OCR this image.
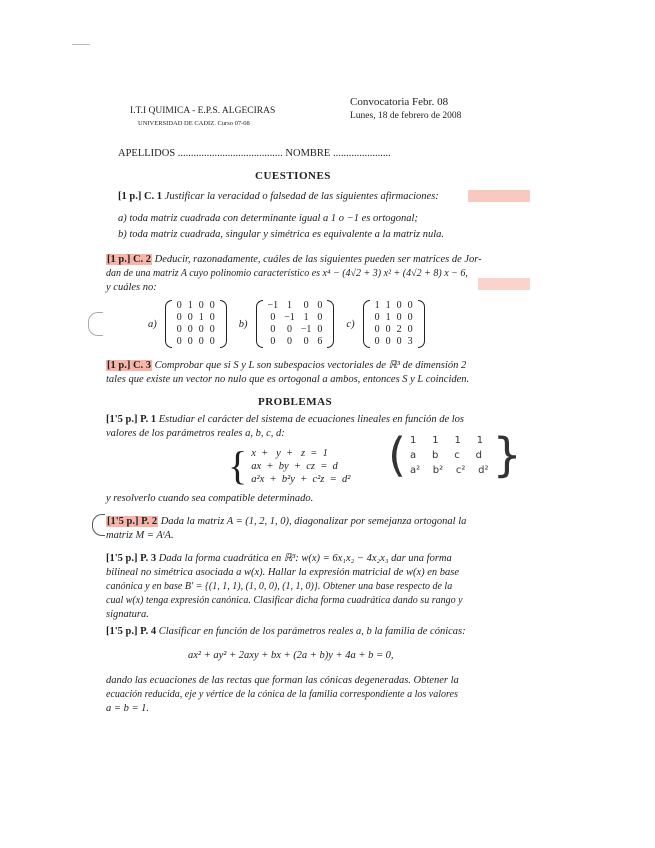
I.T.I QUIMICA - E.P.S. ALGECIRAS
UNIVERSIDAD DE CADIZ. Curso 07-08
Convocatoria Febr. 08
Lunes, 18 de febrero de 2008
APELLIDOS ........................................ NOMBRE ......................
CUESTIONES
[1 p.] C. 1 Justificar la veracidad o falsedad de las siguientes afirmaciones:
a) toda matriz cuadrada con determinante igual a 1 o −1 es ortogonal;
b) toda matriz cuadrada, singular y simétrica es equivalente a la matriz nula.
[1 p.] C. 2 Deducir, razonadamente, cuáles de las siguientes pueden ser matrices de Jor-
dan de una matriz A cuyo polinomio característico es x⁴ − (4√2 + 3) x² + (4√2 + 8) x − 6,
y cuáles no:
a)
0	1	0	0
0	0	1	0
0	0	0	0
0	0	0	0
b)
−1	1	0	0
0	−1	1	0
0	0	−1	0
0	0	0	6
c)
1	1	0	0
0	1	0	0
0	0	2	0
0	0	0	3
[1 p.] C. 3 Comprobar que si S y L son subespacios vectoriales de ℝ³ de dimensión 2
tales que existe un vector no nulo que es ortogonal a ambos, entonces S y L coinciden.
PROBLEMAS
[1'5 p.] P. 1 Estudiar el carácter del sistema de ecuaciones lineales en función de los
valores de los parámetros reales a, b, c, d:
{ x  +   y  +   z  =  1
ax  +  by  +  cz  =  d
a²x  +  b²y  +  c²z  =  d² ( 1     1     1     1
a     b     c     d
a²    b²    c²    d² }
y resolverlo cuando sea compatible determinado.
[1'5 p.] P. 2 Dada la matriz A = (1, 2, 1, 0), diagonalizar por semejanza ortogonal la
matriz M = AᵗA.
[1'5 p.] P. 3 Dada la forma cuadrática en ℝ³: w(x) = 6x₁x₂ − 4x₂x₃ dar una forma
bilineal no simétrica asociada a w(x). Hallar la expresión matricial de w(x) en base
canónica y en base B′ = {(1, 1, 1), (1, 0, 0), (1, 1, 0)}. Obtener una base respecto de la
cual w(x) tenga expresión canónica. Clasificar dicha forma cuadrática dando su rango y
signatura.
[1'5 p.] P. 4 Clasificar en función de los parámetros reales a, b la familia de cónicas:
ax² + ay² + 2axy + bx + (2a + b)y + 4a + b = 0,
dando las ecuaciones de las rectas que forman las cónicas degeneradas. Obtener la
ecuación reducida, eje y vértice de la cónica de la familia correspondiente a los valores
a = b = 1.
